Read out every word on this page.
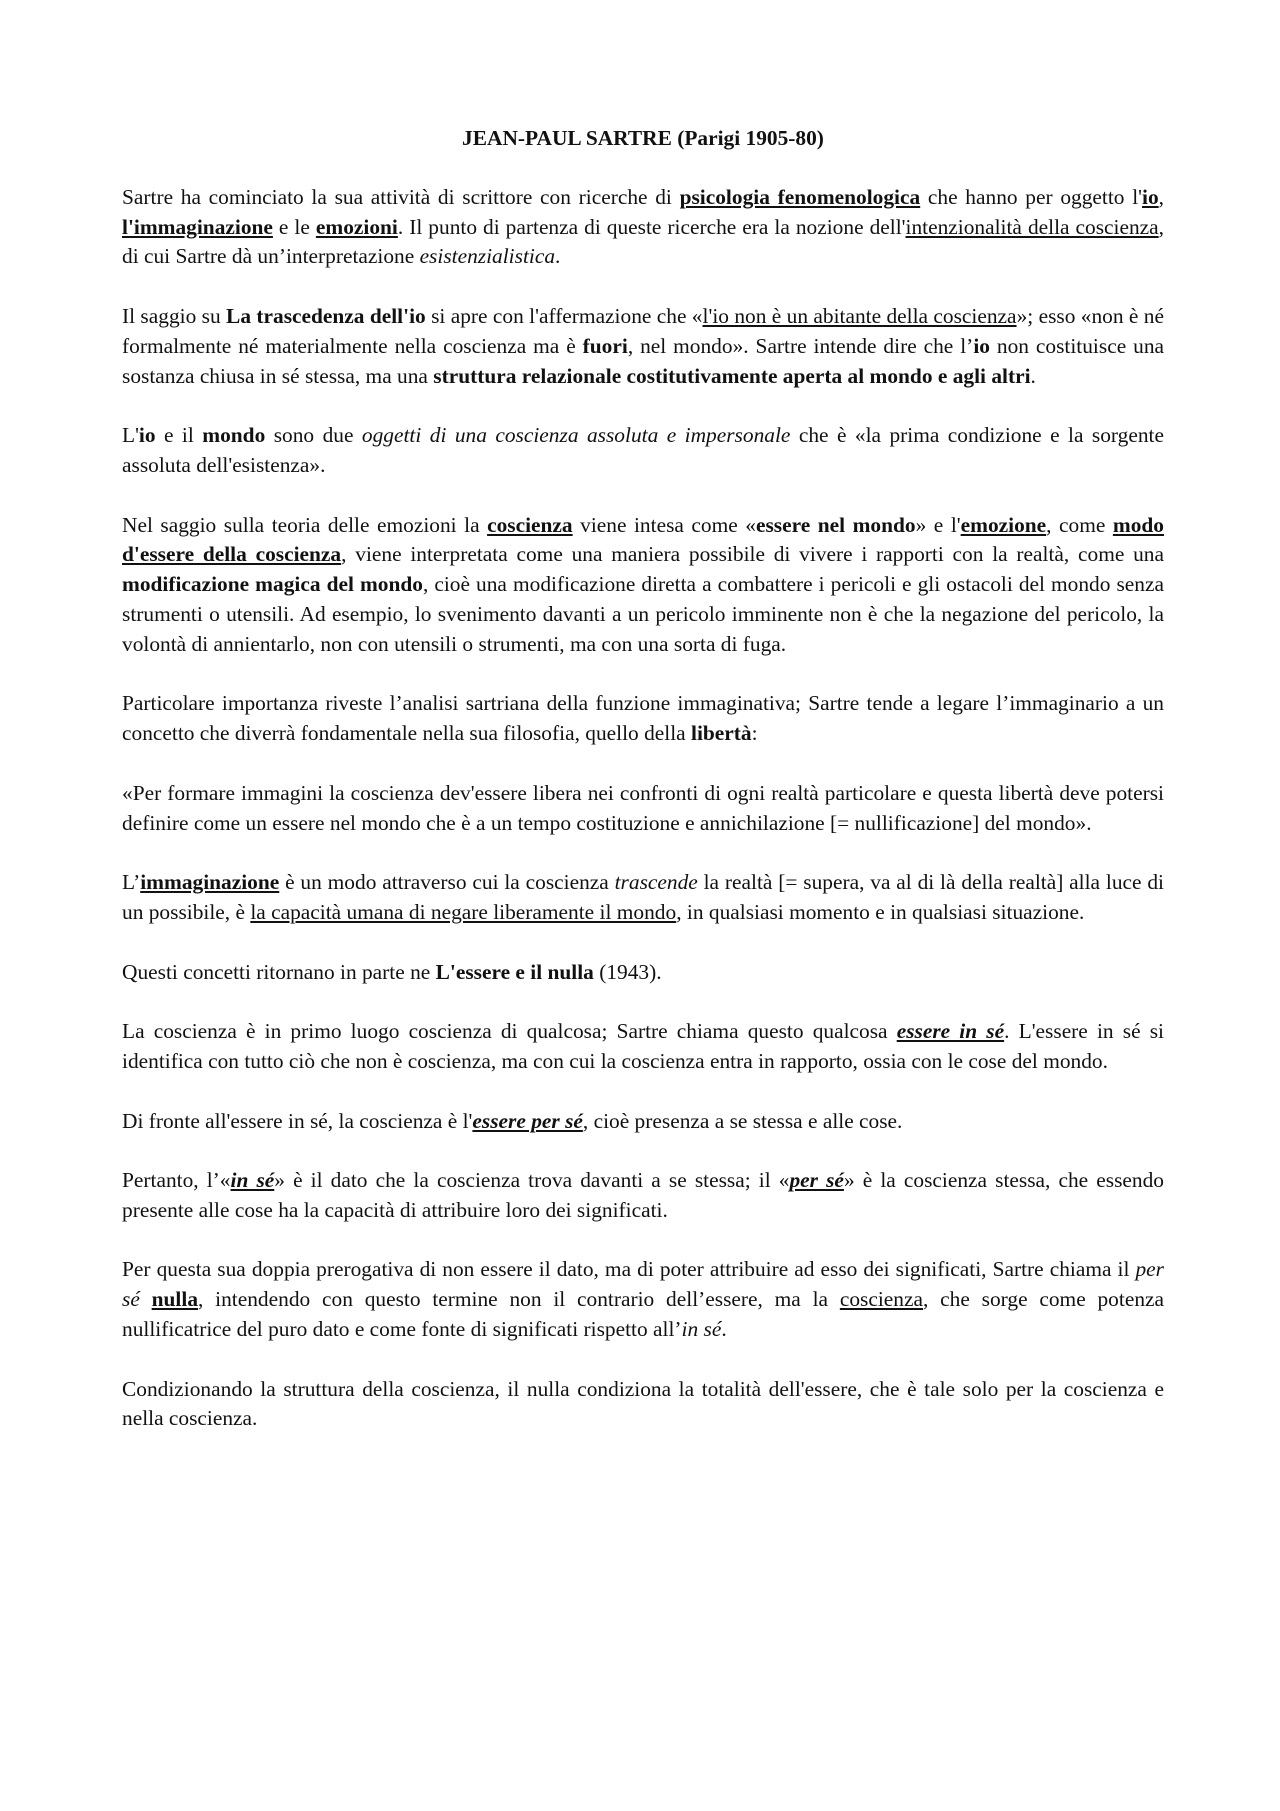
JEAN-PAUL SARTRE (Parigi 1905-80)

Sartre ha cominciato la sua attività di scrittore con ricerche di psicologia fenomenologica che hanno per oggetto l'io, l'immaginazione e le emozioni. Il punto di partenza di queste ricerche era la nozione dell'intenzionalità della coscienza, di cui Sartre dà un’interpretazione esistenzialistica.

Il saggio su La trascedenza dell'io si apre con l'affermazione che «l'io non è un abitante della coscienza»; esso «non è né formalmente né materialmente nella coscienza ma è fuori, nel mondo». Sartre intende dire che l’io non costituisce una sostanza chiusa in sé stessa, ma una struttura relazionale costitutivamente aperta al mondo e agli altri.

L'io e il mondo sono due oggetti di una coscienza assoluta e impersonale che è «la prima condizione e la sorgente assoluta dell'esistenza».

Nel saggio sulla teoria delle emozioni la coscienza viene intesa come «essere nel mondo» e l'emozione, come modo d'essere della coscienza, viene interpretata come una maniera possibile di vivere i rapporti con la realtà, come una modificazione magica del mondo, cioè una modificazione diretta a combattere i pericoli e gli ostacoli del mondo senza strumenti o utensili. Ad esempio, lo svenimento davanti a un pericolo imminente non è che la negazione del pericolo, la volontà di annientarlo, non con utensili o strumenti, ma con una sorta di fuga.

Particolare importanza riveste l’analisi sartriana della funzione immaginativa; Sartre tende a legare l’immaginario a un concetto che diverrà fondamentale nella sua filosofia, quello della libertà:

«Per formare immagini la coscienza dev'essere libera nei confronti di ogni realtà particolare e questa libertà deve potersi definire come un essere nel mondo che è a un tempo costituzione e annichilazione [= nullificazione] del mondo».

L’immaginazione è un modo attraverso cui la coscienza trascende la realtà [= supera, va al di là della realtà] alla luce di un possibile, è la capacità umana di negare liberamente il mondo, in qualsiasi momento e in qualsiasi situazione.

Questi concetti ritornano in parte ne L'essere e il nulla (1943).

La coscienza è in primo luogo coscienza di qualcosa; Sartre chiama questo qualcosa essere in sé. L'essere in sé si identifica con tutto ciò che non è coscienza, ma con cui la coscienza entra in rapporto, ossia con le cose del mondo.

Di fronte all'essere in sé, la coscienza è l'essere per sé, cioè presenza a se stessa e alle cose.

Pertanto, l’«in sé» è il dato che la coscienza trova davanti a se stessa; il «per sé» è la coscienza stessa, che essendo presente alle cose ha la capacità di attribuire loro dei significati.

Per questa sua doppia prerogativa di non essere il dato, ma di poter attribuire ad esso dei significati, Sartre chiama il per sé nulla, intendendo con questo termine non il contrario dell’essere, ma la coscienza, che sorge come potenza nullificatrice del puro dato e come fonte di significati rispetto all’in sé.

Condizionando la struttura della coscienza, il nulla condiziona la totalità dell'essere, che è tale solo per la coscienza e nella coscienza.
